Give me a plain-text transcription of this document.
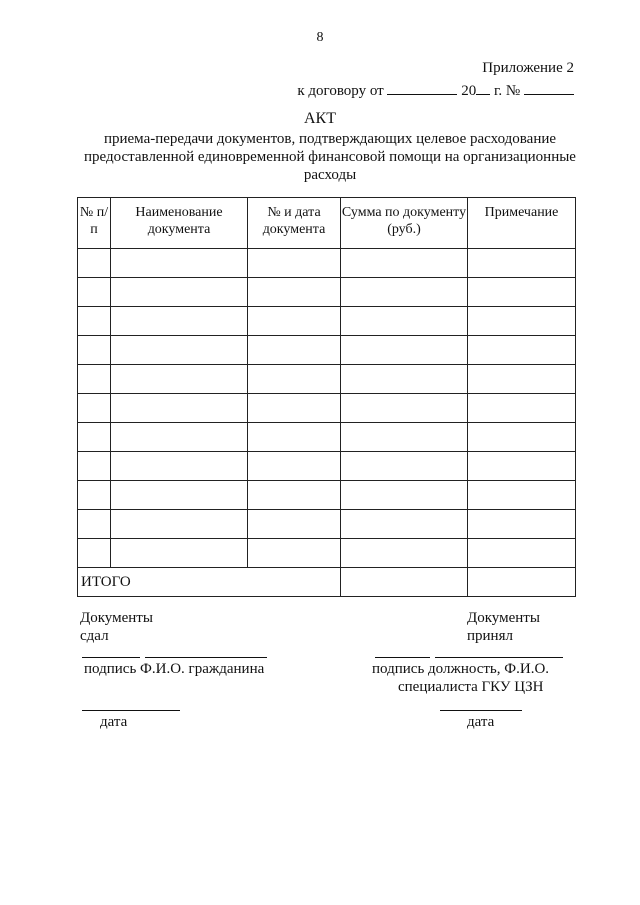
8
Приложение 2
к договору от	20 г. №
АКТ
приема-передачи документов, подтверждающих целевое расходование предоставленной единовременной финансовой помощи на организационные расходы
№ п/п	Наименование документа	№ и дата документа	Сумма по документу (руб.)	Примечание

ИТОГО				
Документы
сдал
подпись Ф.И.О. гражданина
дата
Документы
принял
подпись должность, Ф.И.О.
специалиста ГКУ ЦЗН
дата
